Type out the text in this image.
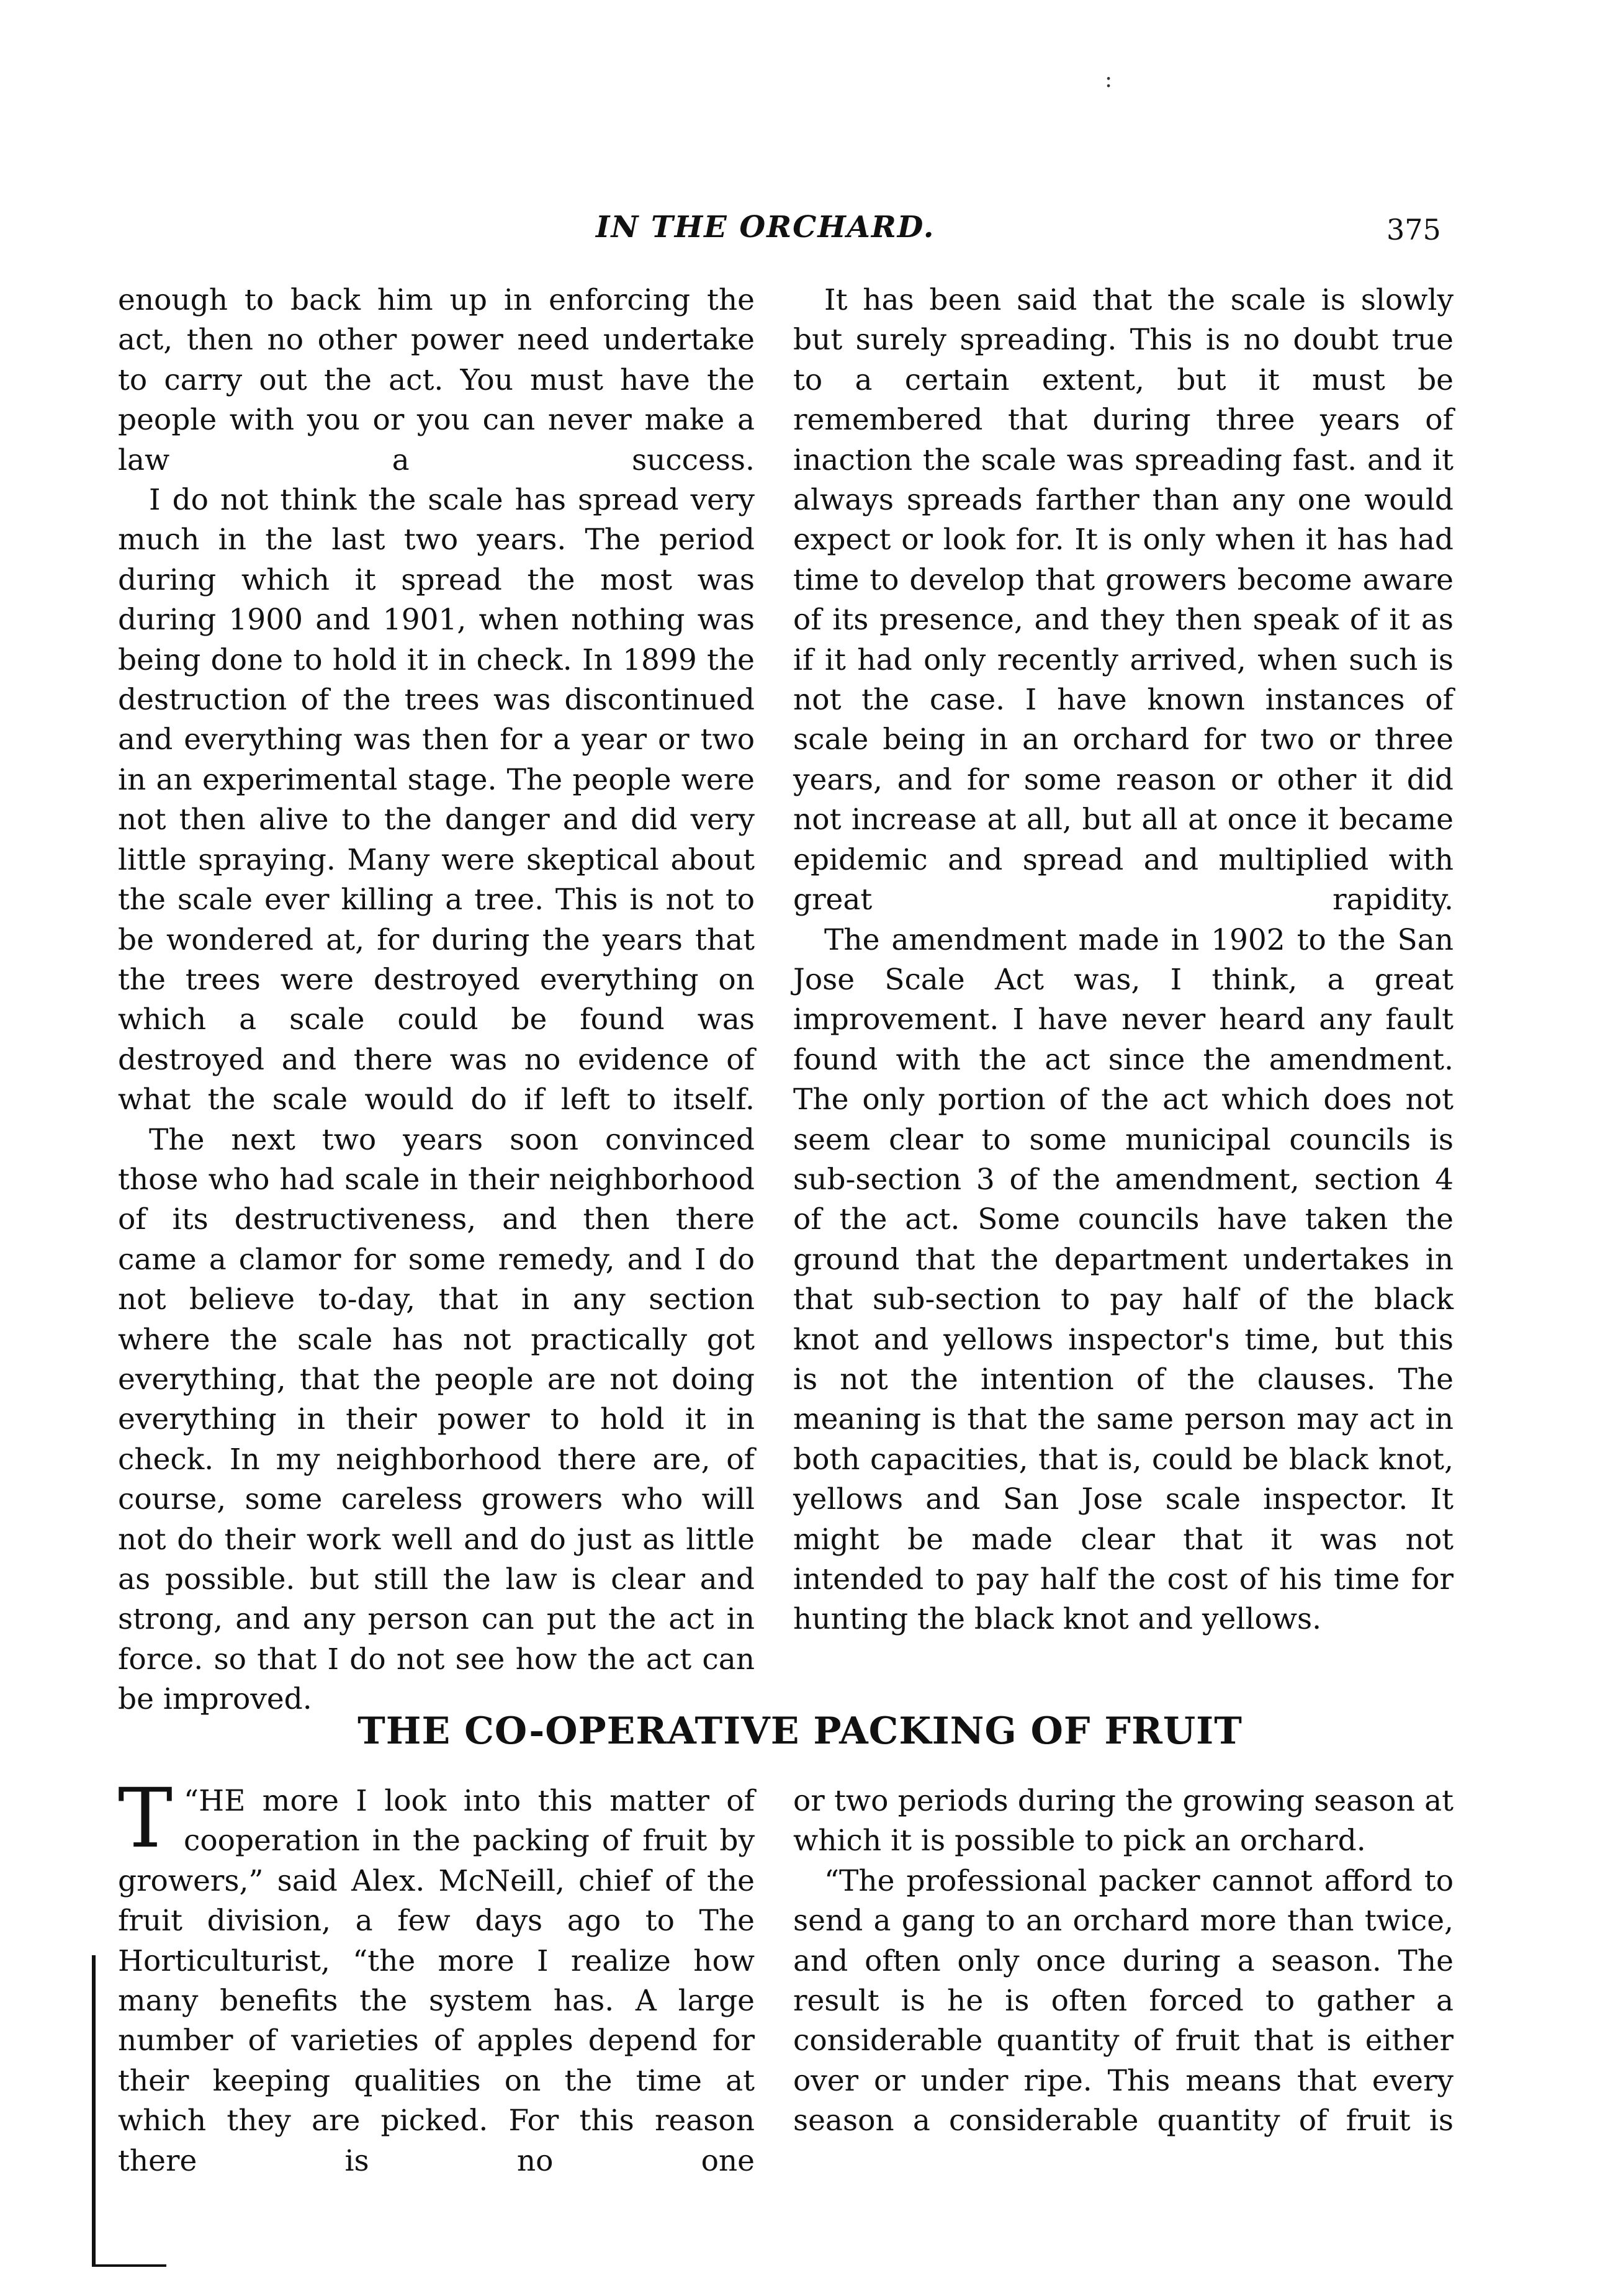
:
IN THE ORCHARD.	375

enough to back him up in enforcing the act, then no other power need undertake to carry out the act. You must have the people with you or you can never make a law a success.

I do not think the scale has spread very much in the last two years. The period during which it spread the most was during 1900 and 1901, when nothing was being done to hold it in check. In 1899 the destruction of the trees was discontinued and everything was then for a year or two in an experimental stage. The people were not then alive to the danger and did very little spraying. Many were skeptical about the scale ever killing a tree. This is not to be wondered at, for during the years that the trees were destroyed everything on which a scale could be found was destroyed and there was no evidence of what the scale would do if left to itself.

The next two years soon convinced those who had scale in their neighborhood of its destructiveness, and then there came a clamor for some remedy, and I do not believe to-day, that in any section where the scale has not practically got everything, that the people are not doing everything in their power to hold it in check. In my neighborhood there are, of course, some careless growers who will not do their work well and do just as little as possible. but still the law is clear and strong, and any person can put the act in force. so that I do not see how the act can be improved.

It has been said that the scale is slowly but surely spreading. This is no doubt true to a certain extent, but it must be remembered that during three years of inaction the scale was spreading fast. and it always spreads farther than any one would expect or look for. It is only when it has had time to develop that growers become aware of its presence, and they then speak of it as if it had only recently arrived, when such is not the case. I have known instances of scale being in an orchard for two or three years, and for some reason or other it did not increase at all, but all at once it became epidemic and spread and multiplied with great rapidity.

The amendment made in 1902 to the San Jose Scale Act was, I think, a great improvement. I have never heard any fault found with the act since the amendment. The only portion of the act which does not seem clear to some municipal councils is sub-section 3 of the amendment, section 4 of the act. Some councils have taken the ground that the department undertakes in that sub-section to pay half of the black knot and yellows inspector's time, but this is not the intention of the clauses. The meaning is that the same person may act in both capacities, that is, could be black knot, yellows and San Jose scale inspector. It might be made clear that it was not intended to pay half the cost of his time for hunting the black knot and yellows.

THE CO-OPERATIVE PACKING OF FRUIT

“
T HE more I look into this matter of cooperation in the packing of fruit by growers,” said Alex. McNeill, chief of the fruit division, a few days ago to The Horticulturist, “the more I realize how many benefits the system has. A large number of varieties of apples depend for their keeping qualities on the time at which they are picked. For this reason there is no one

or two periods during the growing season at which it is possible to pick an orchard.

“The professional packer cannot afford to send a gang to an orchard more than twice, and often only once during a season. The result is he is often forced to gather a considerable quantity of fruit that is either over or under ripe. This means that every season a considerable quantity of fruit is
